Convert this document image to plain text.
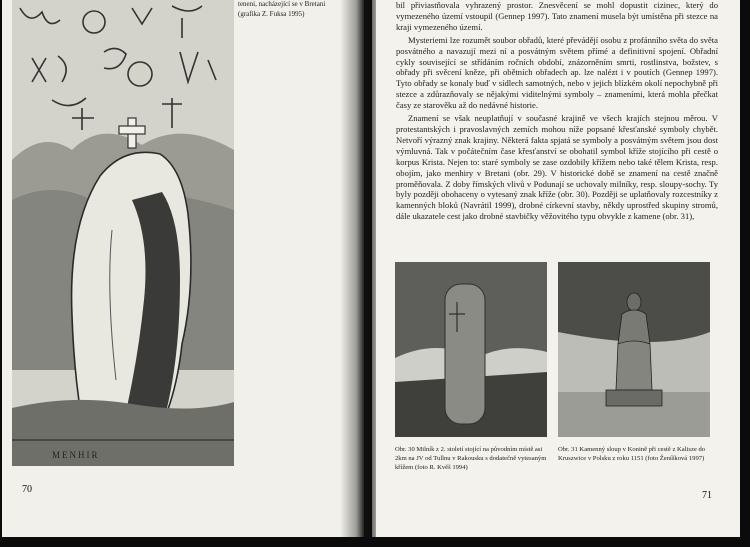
MENHIR
teneni, nacházející se v Bretani
(grafika Z. Fuksa 1995)
70

bil přiviastňovala vyhrazený prostor. Znesvěcení se mohl dopustit cizinec, který do vymezeného území vstoupil (Gennep 1997). Tato znamení musela být umístěna při stezce na kraji vymezeného území.

Mysteriemi lze rozumět soubor obřadů, které převádějí osobu z profánního světa do světa posvátného a navazují mezi ní a posvátným světem přímé a definitivní spojení. Obřadní cykly související se střídáním ročních období, znázorněním smrti, rostlinstva, božstev, s obřady při svěcení kněze, při obětních obřadech ap. lze nalézt i v poutích (Gennep 1997). Tyto obřady se konaly buď v sídlech samotných, nebo v jejich blízkém okolí nepochybně při stezce a zdůrazňovaly se nějakými viditelnými symboly – znameními, která mohla přečkat časy ze starověku až do nedávné historie.

Znamení se však neuplatňují v současné krajině ve všech krajích stejnou měrou. V protestantských i pravoslavných zemích mohou níže popsané křesťanské symboly chybět. Netvoří výrazný znak krajiny. Některá fakta spjatá se symboly a posvátným světem jsou dost výmluvná. Tak v počátečním čase křesťanství se obohatil symbol kříže stojícího při cestě o korpus Krista. Nejen to: staré symboly se zase ozdobily křížem nebo také tělem Krista, resp. obojím, jako menhiry v Bretani (obr. 29). V historické době se znamení na cestě značně proměňovala. Z doby římských vlivů v Podunají se uchovaly milníky, resp. sloupy-sochy. Ty byly později obohaceny o vytesaný znak kříže (obr. 30). Později se uplatňovaly rozcestníky z kamenných bloků (Navrátil 1999), drobné církevní stavby, někdy uprostřed skupiny stromů, dále ukazatele cest jako drobné stavbičky věžovitého typu obvykle z kamene (obr. 31),

Obr. 30 Milník z 2. století stojící na původním místě asi 2km na JV od Tullnu v Rakousku s dodatečně vytesaným křížem (foto R. Kvěš 1994)
Obr. 31 Kamenný sloup v Konině při cestě z Kalisze do Kruszwice v Polsku z roku 1151 (foto Ženíšková 1997)
71
